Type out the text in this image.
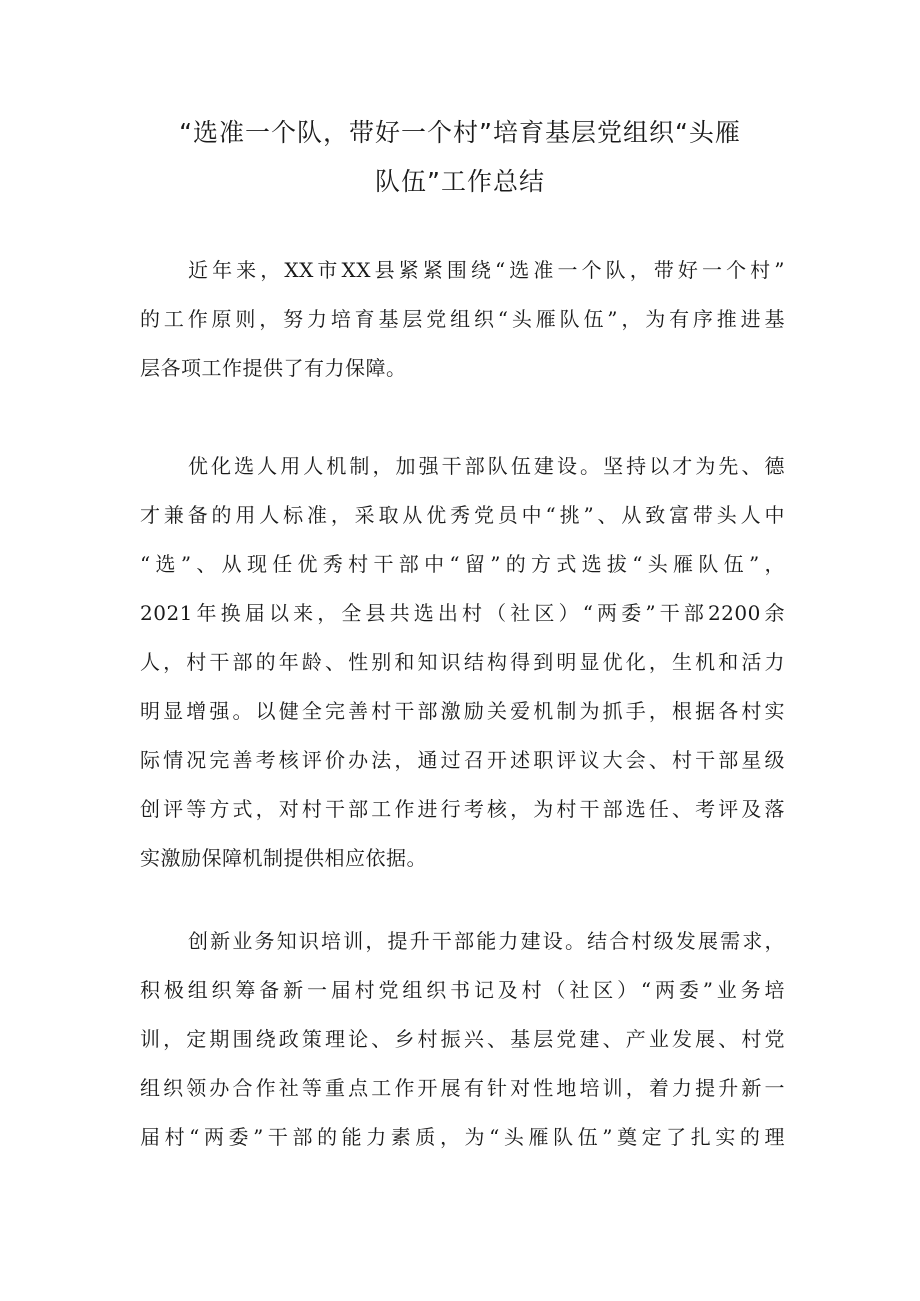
“选准一个队，带好一个村”培育基层党组织“头雁
队伍”工作总结
近年来，XX市XX县紧紧围绕“选准一个队，带好一个村”
的工作原则，努力培育基层党组织“头雁队伍”，为有序推进基
层各项工作提供了有力保障。
优化选人用人机制，加强干部队伍建设。坚持以才为先、德
才兼备的用人标准，采取从优秀党员中“挑”、从致富带头人中
“选”、从现任优秀村干部中“留”的方式选拔“头雁队伍”，
2021年换届以来，全县共选出村（社区）“两委”干部2200余
人，村干部的年龄、性别和知识结构得到明显优化，生机和活力
明显增强。以健全完善村干部激励关爱机制为抓手，根据各村实
际情况完善考核评价办法，通过召开述职评议大会、村干部星级
创评等方式，对村干部工作进行考核，为村干部选任、考评及落
实激励保障机制提供相应依据。
创新业务知识培训，提升干部能力建设。结合村级发展需求，
积极组织筹备新一届村党组织书记及村（社区）“两委”业务培
训，定期围绕政策理论、乡村振兴、基层党建、产业发展、村党
组织领办合作社等重点工作开展有针对性地培训，着力提升新一
届村“两委”干部的能力素质，为“头雁队伍”奠定了扎实的理
